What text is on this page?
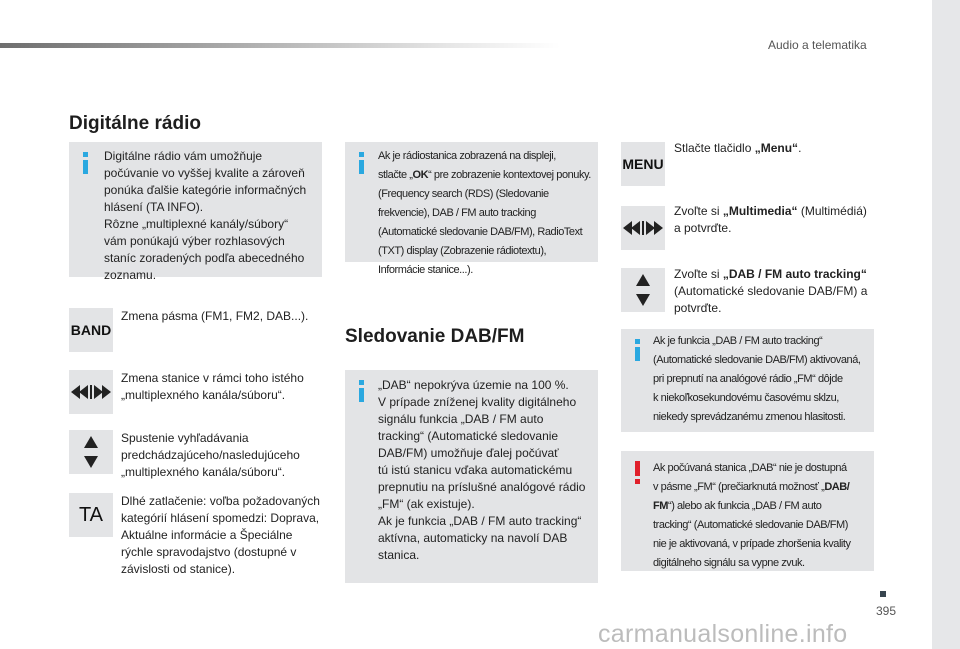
Audio a telematika
Digitálne rádio
Digitálne rádio vám umožňuje
počúvanie vo vyššej kvalite a zároveň
ponúka ďalšie kategórie informačných
hlásení (TA INFO).
Rôzne „multiplexné kanály/súbory“
vám ponúkajú výber rozhlasových
staníc zoradených podľa abecedného
zoznamu.
BAND
Zmena pásma (FM1, FM2, DAB...).
Zmena stanice v rámci toho istého
„multiplexného kanála/súboru“.
Spustenie vyhľadávania
predchádzajúceho/nasledujúceho
„multiplexného kanála/súboru“.
TA
Dlhé zatlačenie: voľba požadovaných
kategórií hlásení spomedzi: Doprava,
Aktuálne informácie a Špeciálne
rýchle spravodajstvo (dostupné v
závislosti od stanice).
Ak je rádiostanica zobrazená na displeji,
stlačte „OK“ pre zobrazenie kontextovej ponuky.
(Frequency search (RDS) (Sledovanie
frekvencie), DAB / FM auto tracking
(Automatické sledovanie DAB/FM), RadioText
(TXT) display (Zobrazenie rádiotextu),
Informácie stanice...).
Sledovanie DAB/FM
„DAB“ nepokrýva územie na 100 %.
V prípade zníženej kvality digitálneho
signálu funkcia „DAB / FM auto
tracking“ (Automatické sledovanie
DAB/FM) umožňuje ďalej počúvať
tú istú stanicu vďaka automatickému
prepnutiu na príslušné analógové rádio
„FM“ (ak existuje).
Ak je funkcia „DAB / FM auto tracking“
aktívna, automaticky na navolí DAB
stanica.
MENU
Stlačte tlačidlo „Menu“.
Zvoľte si „Multimedia“ (Multimédiá)
a potvrďte.
Zvoľte si „DAB / FM auto tracking“
(Automatické sledovanie DAB/FM) a
potvrďte.
Ak je funkcia „DAB / FM auto tracking“
(Automatické sledovanie DAB/FM) aktivovaná,
pri prepnutí na analógové rádio „FM“ dôjde
k niekoľkosekundovému časovému sklzu,
niekedy sprevádzanému zmenou hlasitosti.
Ak počúvaná stanica „DAB“ nie je dostupná
v pásme „FM“ (prečiarknutá možnosť „DAB/
FM“) alebo ak funkcia „DAB / FM auto
tracking“ (Automatické sledovanie DAB/FM)
nie je aktivovaná, v prípade zhoršenia kvality
digitálneho signálu sa vypne zvuk.
395
carmanualsonline.info
